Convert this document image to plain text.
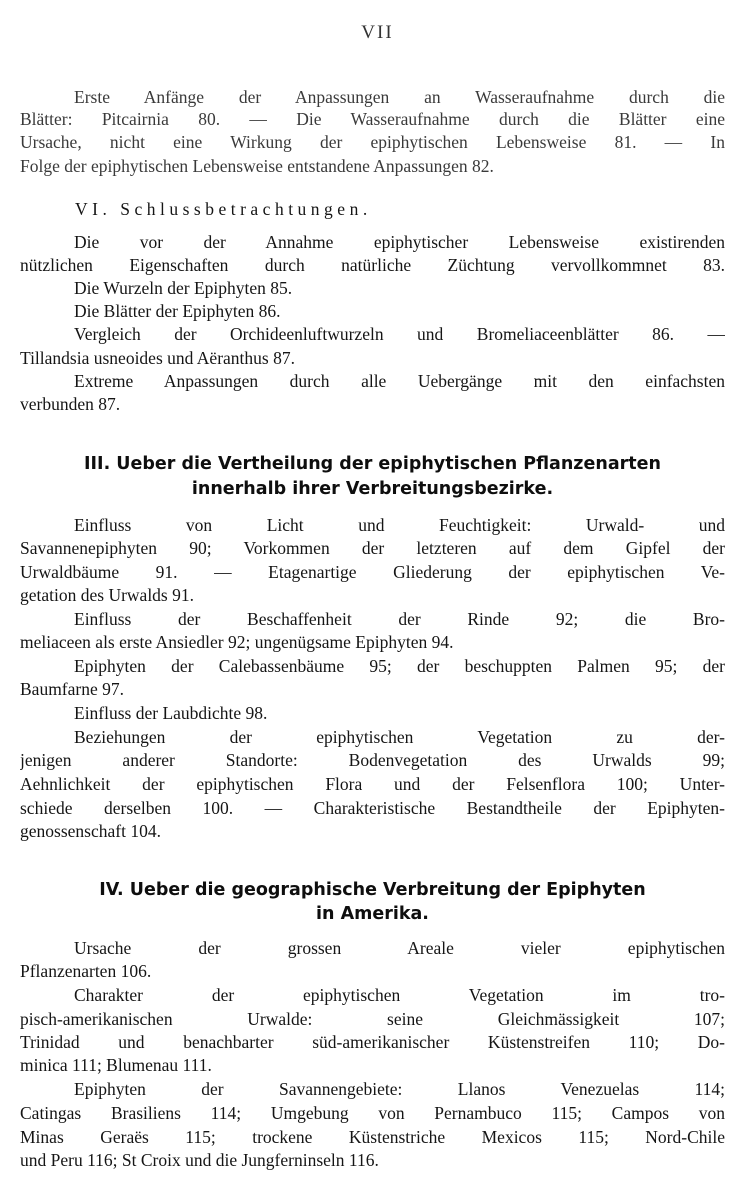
VII
Erste Anfänge der Anpassungen an Wasseraufnahme durch die
Blätter: Pitcairnia 80. — Die Wasseraufnahme durch die Blätter eine
Ursache, nicht eine Wirkung der epiphytischen Lebensweise 81. — In
Folge der epiphytischen Lebensweise entstandene Anpassungen 82.
VI. Schlussbetrachtungen.
Die vor der Annahme epiphytischer Lebensweise existirenden
nützlichen Eigenschaften durch natürliche Züchtung vervollkommnet 83.
Die Wurzeln der Epiphyten 85.
Die Blätter der Epiphyten 86.
Vergleich der Orchideenluftwurzeln und Bromeliaceenblätter 86. —
Tillandsia usneoides und Aëranthus 87.
Extreme Anpassungen durch alle Uebergänge mit den einfachsten
verbunden 87.
III. Ueber die Vertheilung der epiphytischen Pflanzenarten
innerhalb ihrer Verbreitungsbezirke.
Einfluss von Licht und Feuchtigkeit: Urwald- und
Savannenepiphyten 90; Vorkommen der letzteren auf dem Gipfel der
Urwaldbäume 91. — Etagenartige Gliederung der epiphytischen Ve-
getation des Urwalds 91.
Einfluss der Beschaffenheit der Rinde 92; die Bro-
meliaceen als erste Ansiedler 92; ungenügsame Epiphyten 94.
Epiphyten der Calebassenbäume 95; der beschuppten Palmen 95; der
Baumfarne 97.
Einfluss der Laubdichte 98.
Beziehungen der epiphytischen Vegetation zu der-
jenigen anderer Standorte: Bodenvegetation des Urwalds 99;
Aehnlichkeit der epiphytischen Flora und der Felsenflora 100; Unter-
schiede derselben 100. — Charakteristische Bestandtheile der Epiphyten-
genossenschaft 104.
IV. Ueber die geographische Verbreitung der Epiphyten
in Amerika.
Ursache der grossen Areale vieler epiphytischen
Pflanzenarten 106.
Charakter der epiphytischen Vegetation im tro-
pisch-amerikanischen Urwalde: seine Gleichmässigkeit 107;
Trinidad und benachbarter süd-amerikanischer Küstenstreifen 110; Do-
minica 111; Blumenau 111.
Epiphyten der Savannengebiete: Llanos Venezuelas 114;
Catingas Brasiliens 114; Umgebung von Pernambuco 115; Campos von
Minas Geraës 115; trockene Küstenstriche Mexicos 115; Nord-Chile
und Peru 116; St Croix und die Jungferninseln 116.
